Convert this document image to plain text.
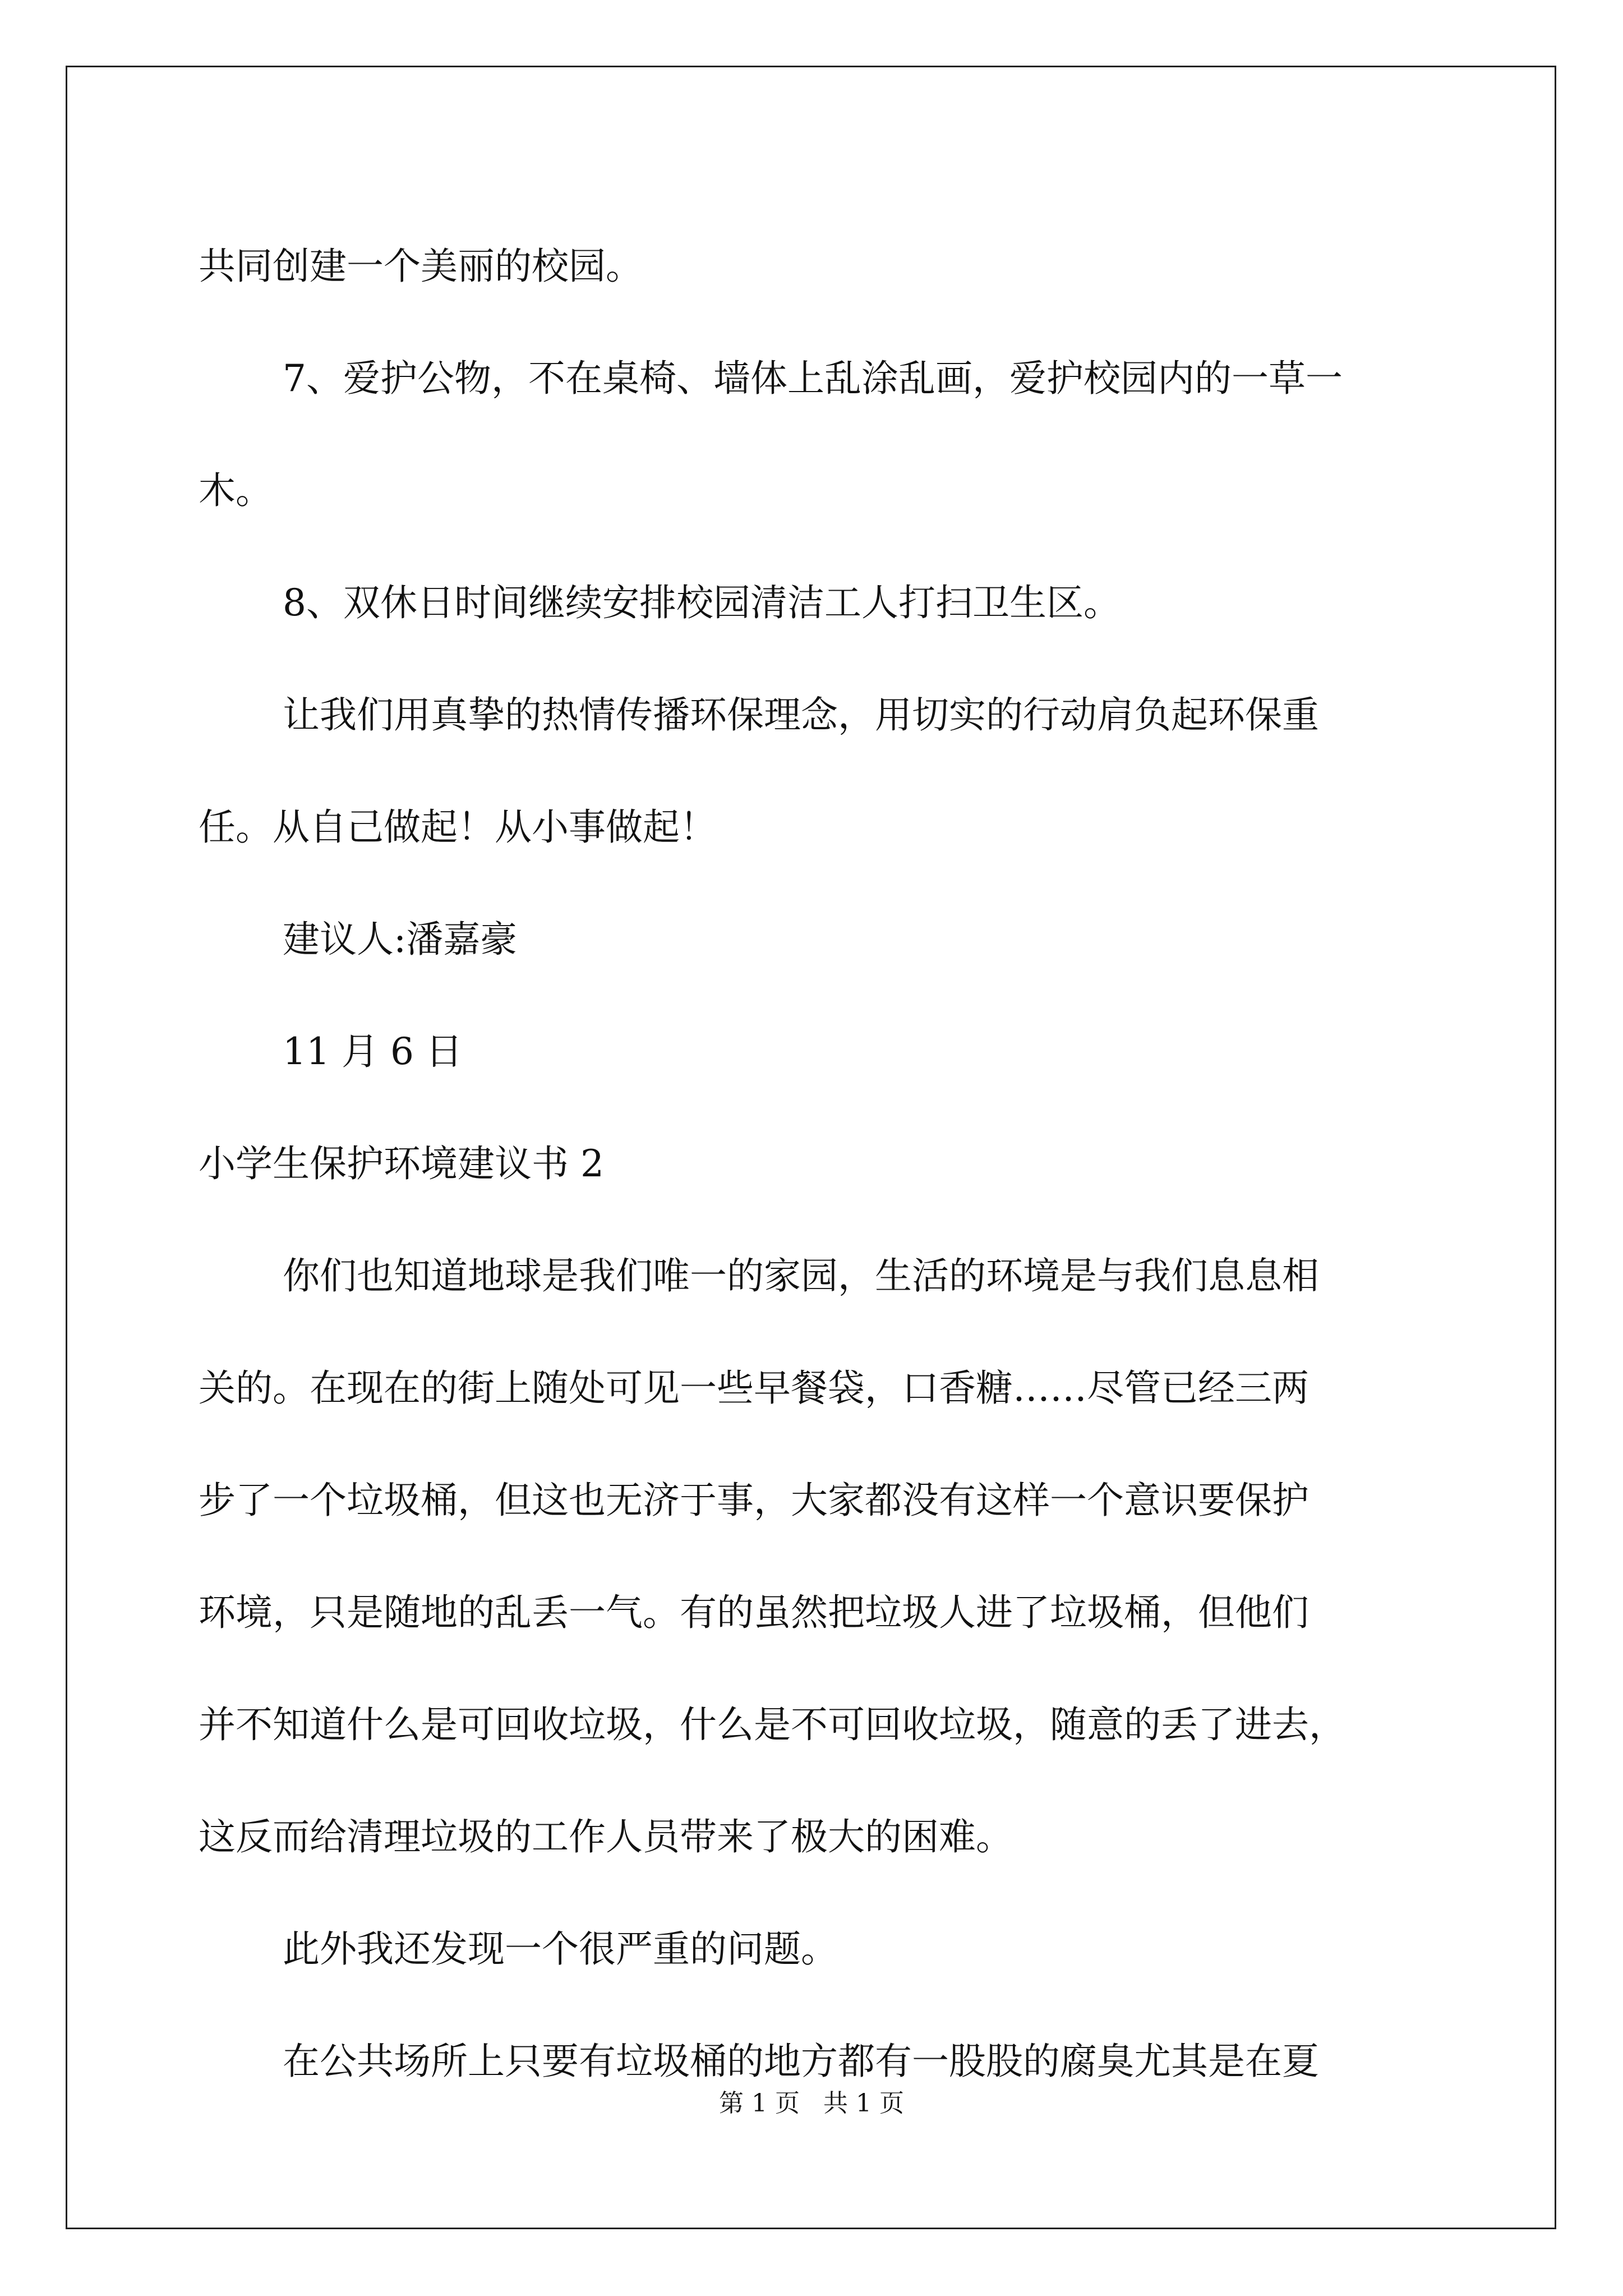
共同创建一个美丽的校园。
7、爱护公物，不在桌椅、墙体上乱涂乱画，爱护校园内的一草一
木。
8、双休日时间继续安排校园清洁工人打扫卫生区。
让我们用真挚的热情传播环保理念，用切实的行动肩负起环保重
任。从自己做起！从小事做起！
建议人:潘嘉豪
11 月 6 日
小学生保护环境建议书 2
你们也知道地球是我们唯一的家园，生活的环境是与我们息息相
关的。在现在的街上随处可见一些早餐袋，口香糖……尽管已经三两
步了一个垃圾桶，但这也无济于事，大家都没有这样一个意识要保护
环境，只是随地的乱丢一气。有的虽然把垃圾人进了垃圾桶，但他们
并不知道什么是可回收垃圾，什么是不可回收垃圾，随意的丢了进去，
这反而给清理垃圾的工作人员带来了极大的困难。
此外我还发现一个很严重的问题。
在公共场所上只要有垃圾桶的地方都有一股股的腐臭尤其是在夏
第 1 页 共 1 页
